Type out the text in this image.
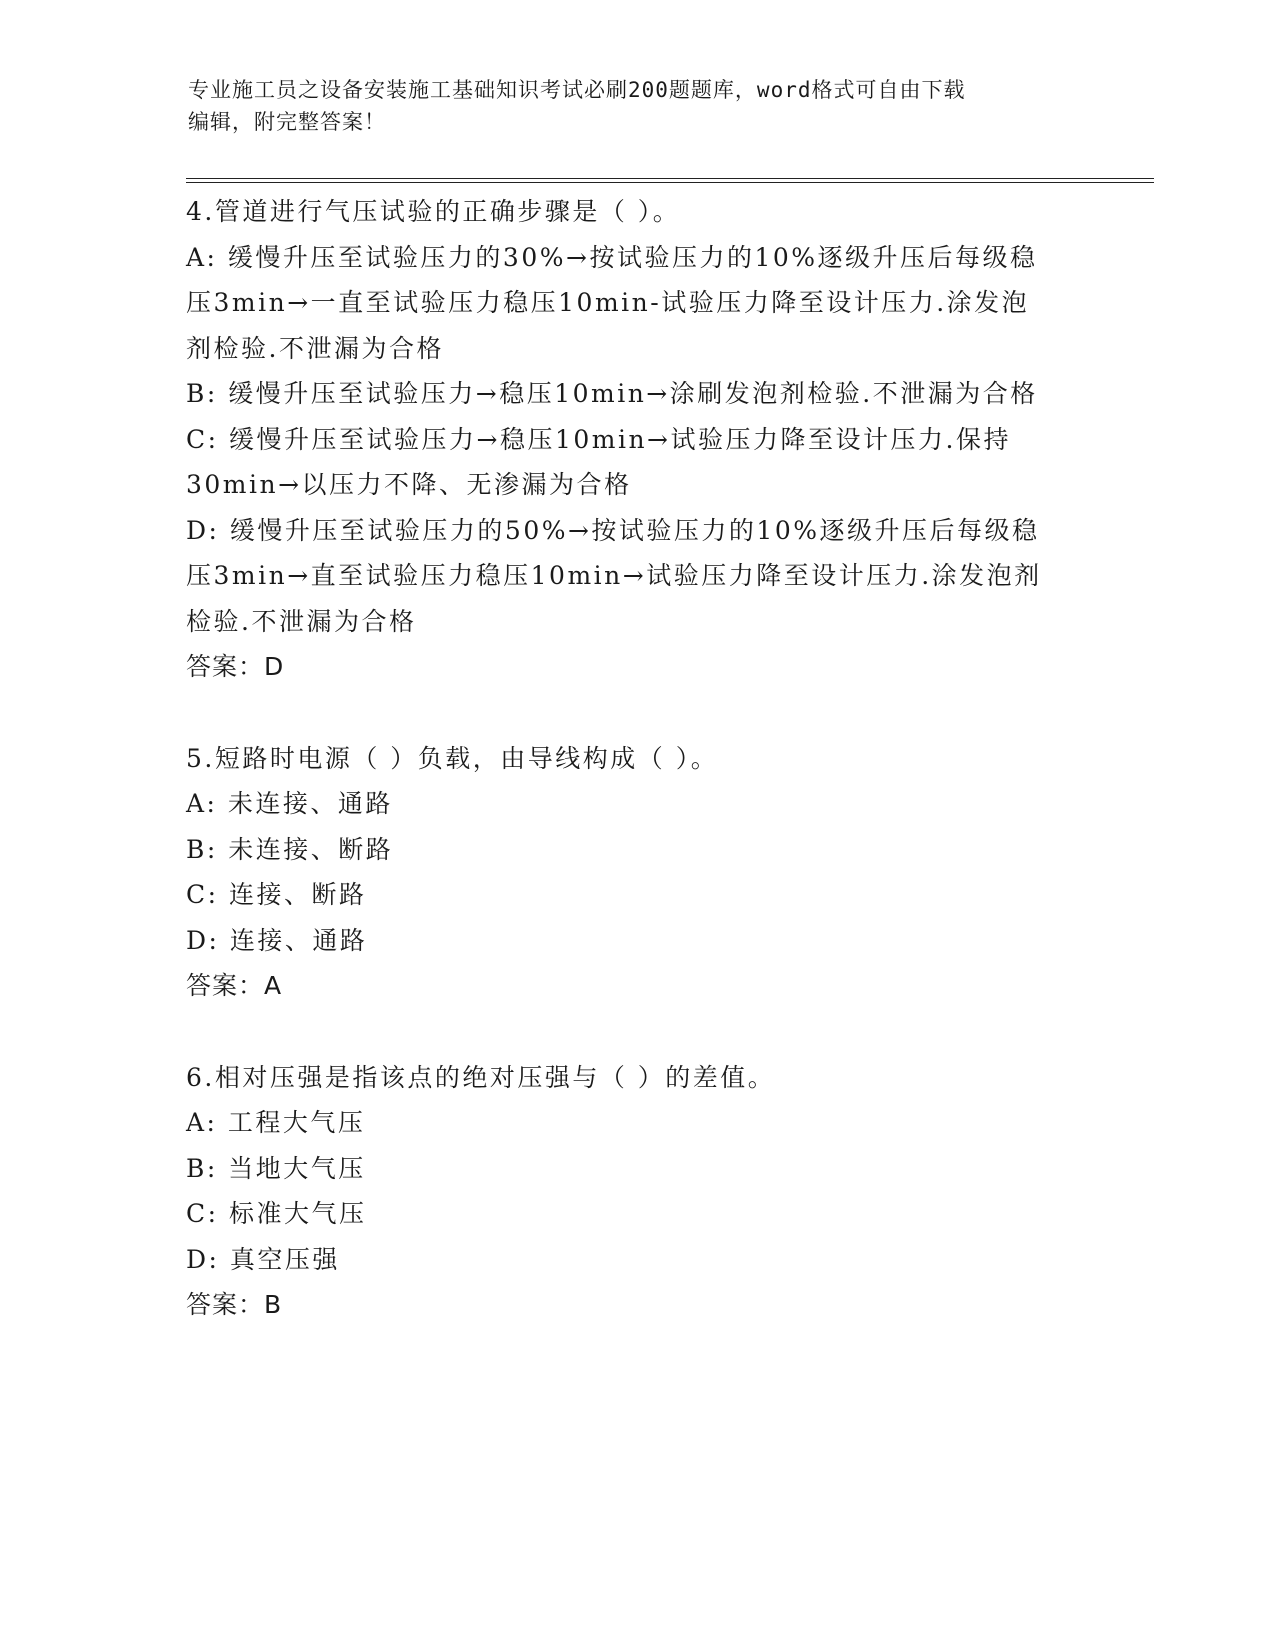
专业施工员之设备安装施工基础知识考试必刷200题题库，word格式可自由下载
编辑，附完整答案！
4.管道进行气压试验的正确步骤是（ ）。
A: 缓慢升压至试验压力的30%→按试验压力的10%逐级升压后每级稳
压3min→一直至试验压力稳压10min-试验压力降至设计压力.涂发泡
剂检验.不泄漏为合格
B: 缓慢升压至试验压力→稳压10min→涂刷发泡剂检验.不泄漏为合格
C: 缓慢升压至试验压力→稳压10min→试验压力降至设计压力.保持
30min→以压力不降、无渗漏为合格
D: 缓慢升压至试验压力的50%→按试验压力的10%逐级升压后每级稳
压3min→直至试验压力稳压10min→试验压力降至设计压力.涂发泡剂
检验.不泄漏为合格
答案：D
5.短路时电源（ ）负载，由导线构成（ ）。
A: 未连接、通路
B: 未连接、断路
C: 连接、断路
D: 连接、通路
答案：A
6.相对压强是指该点的绝对压强与（ ）的差值。
A: 工程大气压
B: 当地大气压
C: 标准大气压
D: 真空压强
答案：B
